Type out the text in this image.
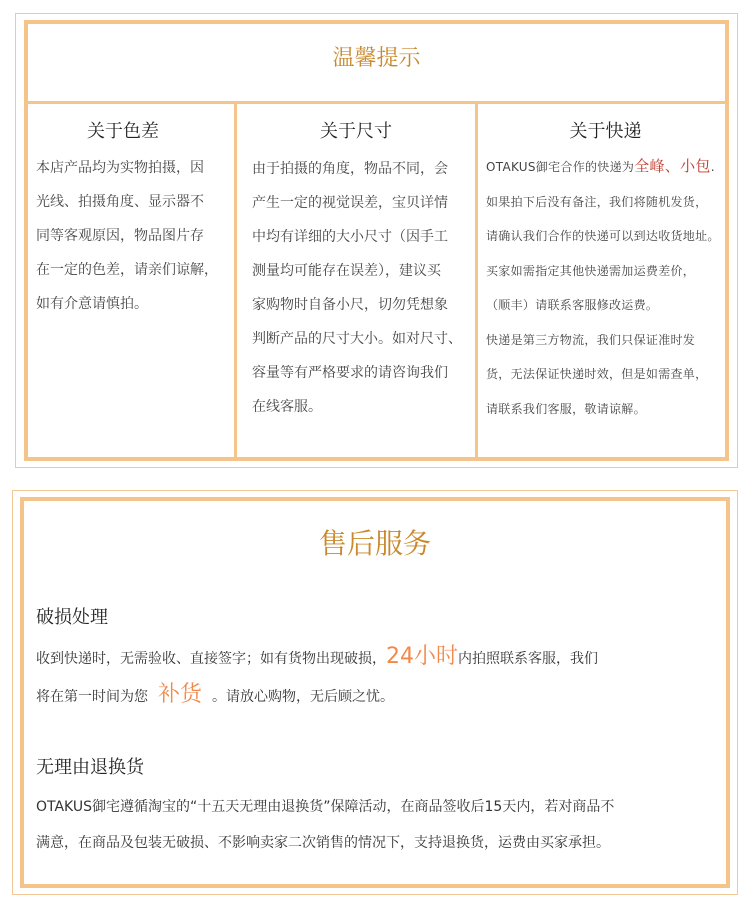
温馨提示
关于色差
本店产品均为实物拍摄，因
光线、拍摄角度、显示器不
同等客观原因，物品图片存
在一定的色差，请亲们谅解，
如有介意请慎拍。
关于尺寸
由于拍摄的角度，物品不同，会
产生一定的视觉误差，宝贝详情
中均有详细的大小尺寸（因手工
测量均可能存在误差），建议买
家购物时自备小尺，切勿凭想象
判断产品的尺寸大小。如对尺寸、
容量等有严格要求的请咨询我们
在线客服。
关于快递
OTAKUS御宅合作的快递为全峰、小包.
如果拍下后没有备注，我们将随机发货，
请确认我们合作的快递可以到达收货地址。
买家如需指定其他快递需加运费差价，
（顺丰）请联系客服修改运费。
快递是第三方物流，我们只保证准时发
货，无法保证快递时效，但是如需查单，
请联系我们客服，敬请谅解。
售后服务
破损处理
收到快递时，无需验收、直接签字；如有货物出现破损，24小时内拍照联系客服，我们
将在第一时间为您 补货 。请放心购物，无后顾之忧。
无理由退换货
OTAKUS御宅遵循淘宝的“十五天无理由退换货”保障活动，在商品签收后15天内，若对商品不
满意，在商品及包装无破损、不影响卖家二次销售的情况下，支持退换货，运费由买家承担。
